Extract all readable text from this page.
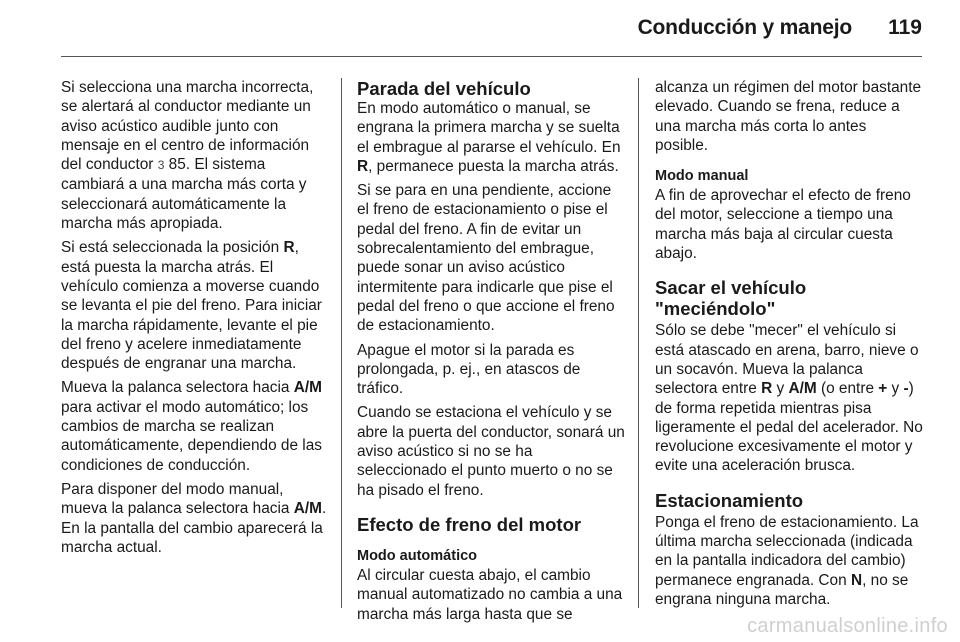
Conducción y manejo 119

Si selecciona una marcha incorrecta, se alertará al conductor mediante un aviso acústico audible junto con mensaje en el centro de información del conductor 3 85. El sistema cambiará a una marcha más corta y seleccionará automáticamente la marcha más apropiada.

Si está seleccionada la posición R, está puesta la marcha atrás. El vehículo comienza a moverse cuando se levanta el pie del freno. Para iniciar la marcha rápidamente, levante el pie del freno y acelere inmediatamente después de engranar una marcha.

Mueva la palanca selectora hacia A/M para activar el modo automático; los cambios de marcha se realizan automáticamente, dependiendo de las condiciones de conducción.

Para disponer del modo manual, mueva la palanca selectora hacia A/M. En la pantalla del cambio aparecerá la marcha actual.

Parada del vehículo

En modo automático o manual, se engrana la primera marcha y se suelta el embrague al pararse el vehículo. En R, permanece puesta la marcha atrás.

Si se para en una pendiente, accione el freno de estacionamiento o pise el pedal del freno. A fin de evitar un sobrecalentamiento del embrague, puede sonar un aviso acústico intermitente para indicarle que pise el pedal del freno o que accione el freno de estacionamiento.

Apague el motor si la parada es prolongada, p. ej., en atascos de tráfico.

Cuando se estaciona el vehículo y se abre la puerta del conductor, sonará un aviso acústico si no se ha seleccionado el punto muerto o no se ha pisado el freno.

Efecto de freno del motor
Modo automático

Al circular cuesta abajo, el cambio manual automatizado no cambia a una marcha más larga hasta que se

alcanza un régimen del motor bastante elevado. Cuando se frena, reduce a una marcha más corta lo antes posible.

Modo manual

A fin de aprovechar el efecto de freno del motor, seleccione a tiempo una marcha más baja al circular cuesta abajo.

Sacar el vehículo "meciéndolo"

Sólo se debe "mecer" el vehículo si está atascado en arena, barro, nieve o un socavón. Mueva la palanca selectora entre R y A/M (o entre + y -) de forma repetida mientras pisa ligeramente el pedal del acelerador. No revolucione excesivamente el motor y evite una aceleración brusca.

Estacionamiento

Ponga el freno de estacionamiento. La última marcha seleccionada (indicada en la pantalla indicadora del cambio) permanece engranada. Con N, no se engrana ninguna marcha.

carmanualsonline.info
